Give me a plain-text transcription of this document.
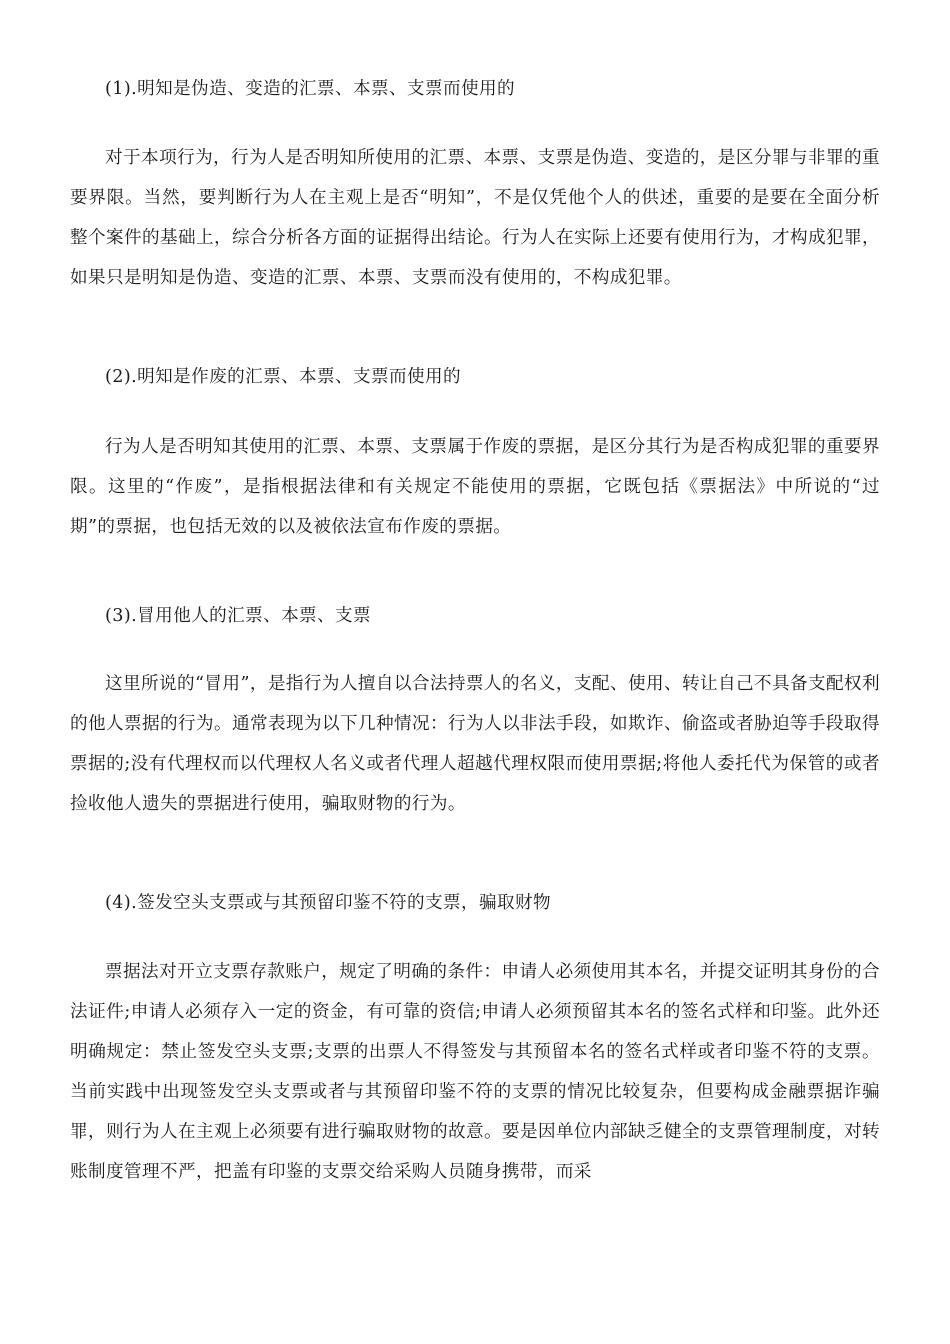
(1).明知是伪造、变造的汇票、本票、支票而使用的

对于本项行为，行为人是否明知所使用的汇票、本票、支票是伪造、变造的，是区分罪与非罪的重要界限。当然，要判断行为人在主观上是否“明知”，不是仅凭他个人的供述，重要的是要在全面分析整个案件的基础上，综合分析各方面的证据得出结论。行为人在实际上还要有使用行为，才构成犯罪，如果只是明知是伪造、变造的汇票、本票、支票而没有使用的，不构成犯罪。

(2).明知是作废的汇票、本票、支票而使用的

行为人是否明知其使用的汇票、本票、支票属于作废的票据，是区分其行为是否构成犯罪的重要界限。这里的“作废”，是指根据法律和有关规定不能使用的票据，它既包括《票据法》中所说的“过期”的票据，也包括无效的以及被依法宣布作废的票据。

(3).冒用他人的汇票、本票、支票

这里所说的“冒用”，是指行为人擅自以合法持票人的名义，支配、使用、转让自己不具备支配权利的他人票据的行为。通常表现为以下几种情况：行为人以非法手段，如欺诈、偷盗或者胁迫等手段取得票据的;没有代理权而以代理权人名义或者代理人超越代理权限而使用票据;将他人委托代为保管的或者捡收他人遗失的票据进行使用，骗取财物的行为。

(4).签发空头支票或与其预留印鉴不符的支票，骗取财物

票据法对开立支票存款账户，规定了明确的条件：申请人必须使用其本名，并提交证明其身份的合法证件;申请人必须存入一定的资金，有可靠的资信;申请人必须预留其本名的签名式样和印鉴。此外还明确规定：禁止签发空头支票;支票的出票人不得签发与其预留本名的签名式样或者印鉴不符的支票。当前实践中出现签发空头支票或者与其预留印鉴不符的支票的情况比较复杂，但要构成金融票据诈骗罪，则行为人在主观上必须要有进行骗取财物的故意。要是因单位内部缺乏健全的支票管理制度，对转账制度管理不严，把盖有印鉴的支票交给采购人员随身携带，而采
